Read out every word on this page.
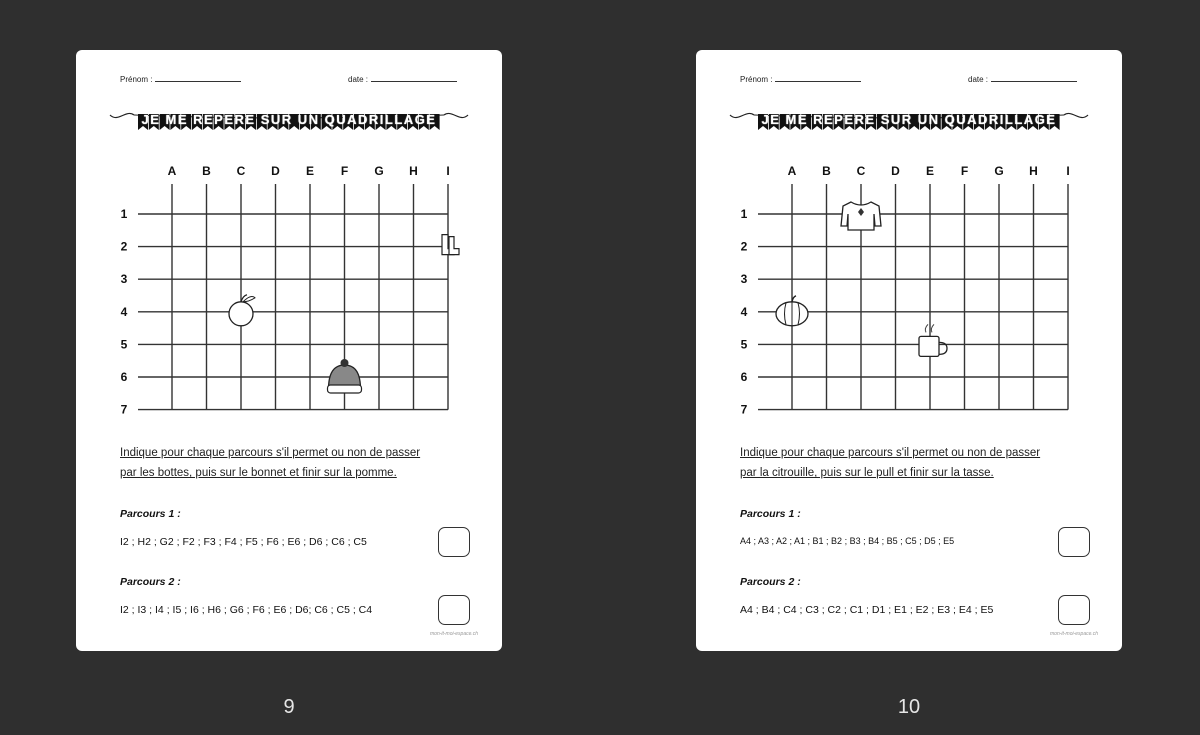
Prénom :	date :
JE ME REPERE SUR UN QUADRILLAGE
A B C D E F G H I
1
2
3
4
5
6
7
Indique pour chaque parcours s'il permet ou non de passer
par les bottes, puis sur le bonnet et finir sur la pomme.
Parcours 1 :
I2 ; H2 ; G2 ; F2 ; F3 ; F4 ; F5 ; F6 ; E6 ; D6 ; C6 ; C5
Parcours 2 :
I2 ; I3 ; I4 ; I5 ; I6 ; H6 ; G6 ; F6 ; E6 ; D6; C6 ; C5 ; C4
mon-it-moi-espace.ch
9
Prénom :	date :
JE ME REPERE SUR UN QUADRILLAGE
A B C D E F G H I
1
2
3
4
5
6
7
Indique pour chaque parcours s'il permet ou non de passer
par la citrouille, puis sur le pull et finir sur la tasse.
Parcours 1 :
A4 ; A3 ; A2 ; A1 ; B1 ; B2 ; B3 ; B4 ; B5 ; C5 ; D5 ; E5
Parcours 2 :
A4 ; B4 ; C4 ; C3 ; C2 ; C1 ; D1 ; E1 ; E2 ; E3 ; E4 ; E5
mon-it-moi-espace.ch
10
